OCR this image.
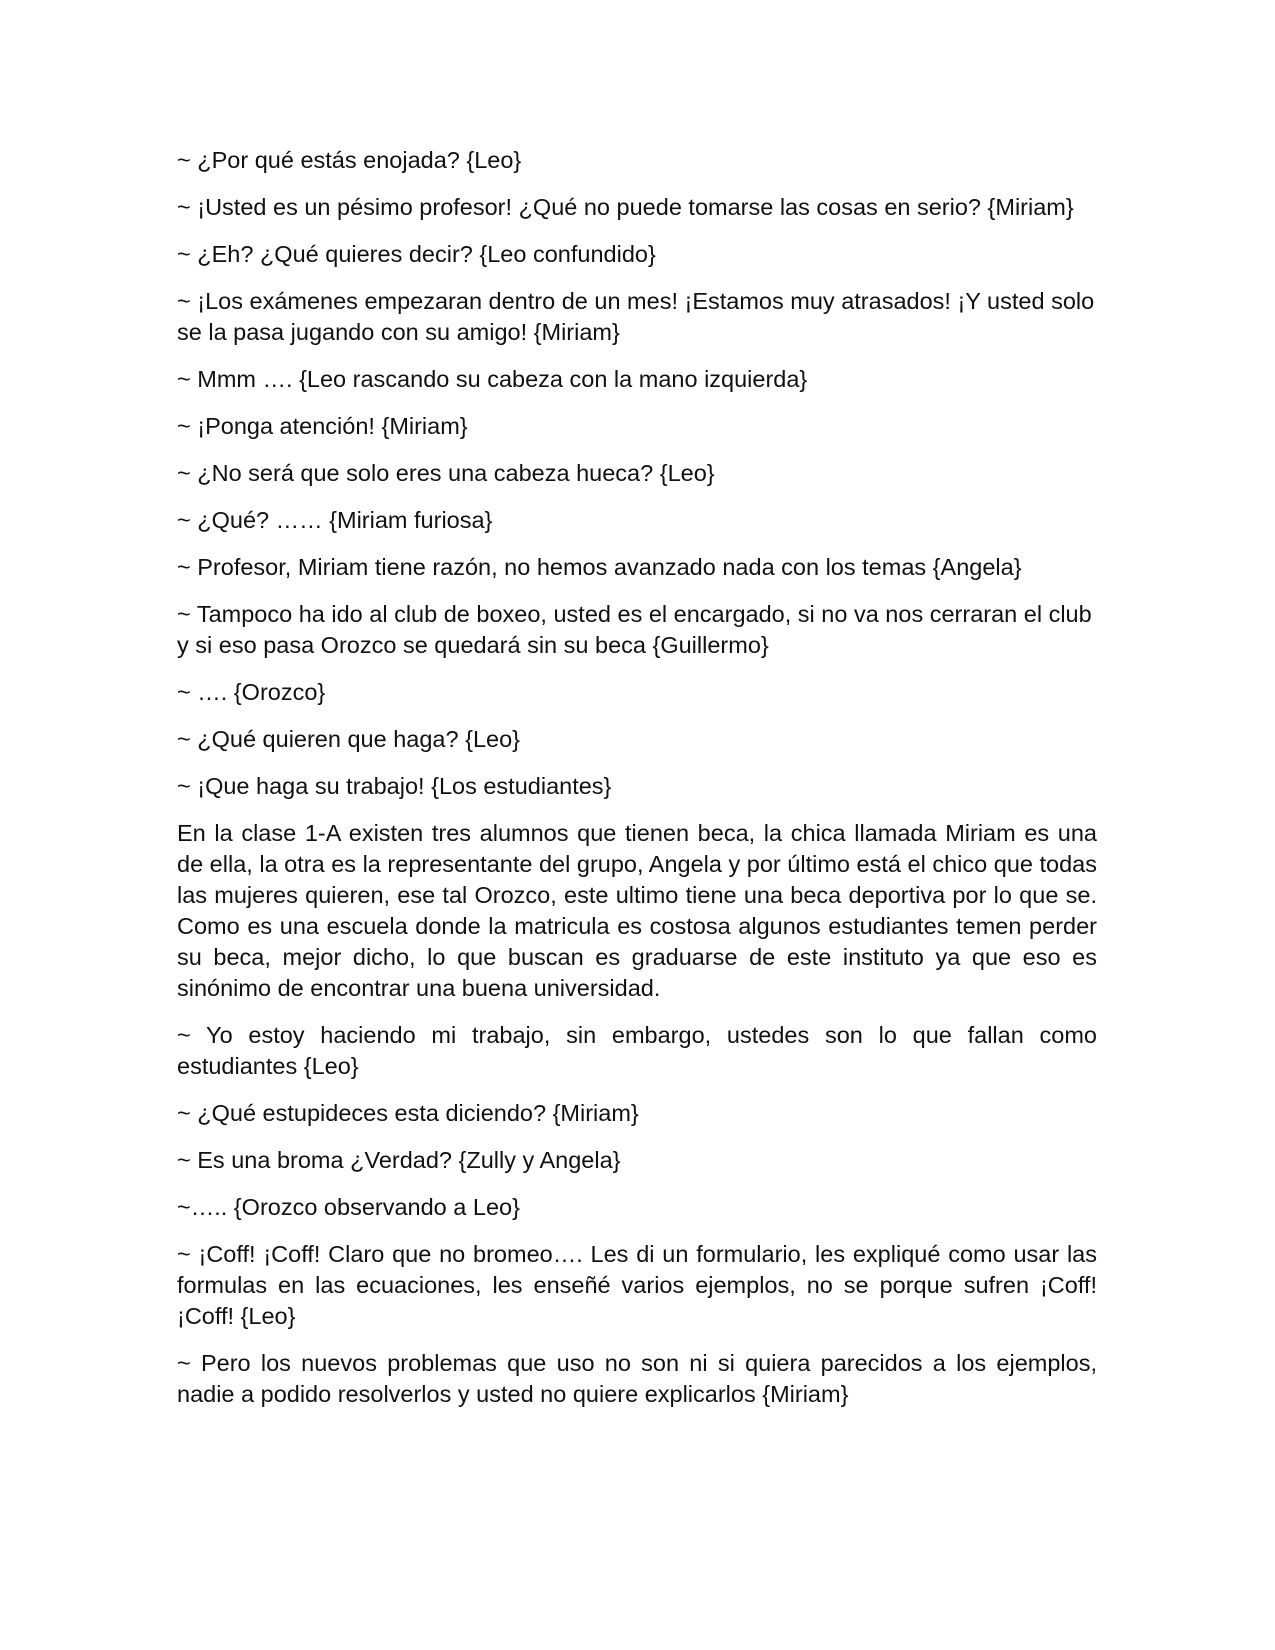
~ ¿Por qué estás enojada? {Leo}

~ ¡Usted es un pésimo profesor! ¿Qué no puede tomarse las cosas en serio? {Miriam}

~ ¿Eh? ¿Qué quieres decir? {Leo confundido}

~ ¡Los exámenes empezaran dentro de un mes! ¡Estamos muy atrasados! ¡Y usted solo se la pasa jugando con su amigo! {Miriam}

~ Mmm …. {Leo rascando su cabeza con la mano izquierda}

~ ¡Ponga atención! {Miriam}

~ ¿No será que solo eres una cabeza hueca? {Leo}

~ ¿Qué? …… {Miriam furiosa}

~ Profesor, Miriam tiene razón, no hemos avanzado nada con los temas {Angela}

~ Tampoco ha ido al club de boxeo, usted es el encargado, si no va nos cerraran el club y si eso pasa Orozco se quedará sin su beca {Guillermo}

~ …. {Orozco}

~ ¿Qué quieren que haga? {Leo}

~ ¡Que haga su trabajo! {Los estudiantes}

En la clase 1-A existen tres alumnos que tienen beca, la chica llamada Miriam es una de ella, la otra es la representante del grupo, Angela y por último está el chico que todas las mujeres quieren, ese tal Orozco, este ultimo tiene una beca deportiva por lo que se. Como es una escuela donde la matricula es costosa algunos estudiantes temen perder su beca, mejor dicho, lo que buscan es graduarse de este instituto ya que eso es sinónimo de encontrar una buena universidad.

~ Yo estoy haciendo mi trabajo, sin embargo, ustedes son lo que fallan como estudiantes {Leo}

~ ¿Qué estupideces esta diciendo? {Miriam}

~ Es una broma ¿Verdad? {Zully y Angela}

~….. {Orozco observando a Leo}

~ ¡Coff! ¡Coff! Claro que no bromeo…. Les di un formulario, les expliqué como usar las formulas en las ecuaciones, les enseñé varios ejemplos, no se porque sufren ¡Coff! ¡Coff! {Leo}

~ Pero los nuevos problemas que uso no son ni si quiera parecidos a los ejemplos, nadie a podido resolverlos y usted no quiere explicarlos {Miriam}
